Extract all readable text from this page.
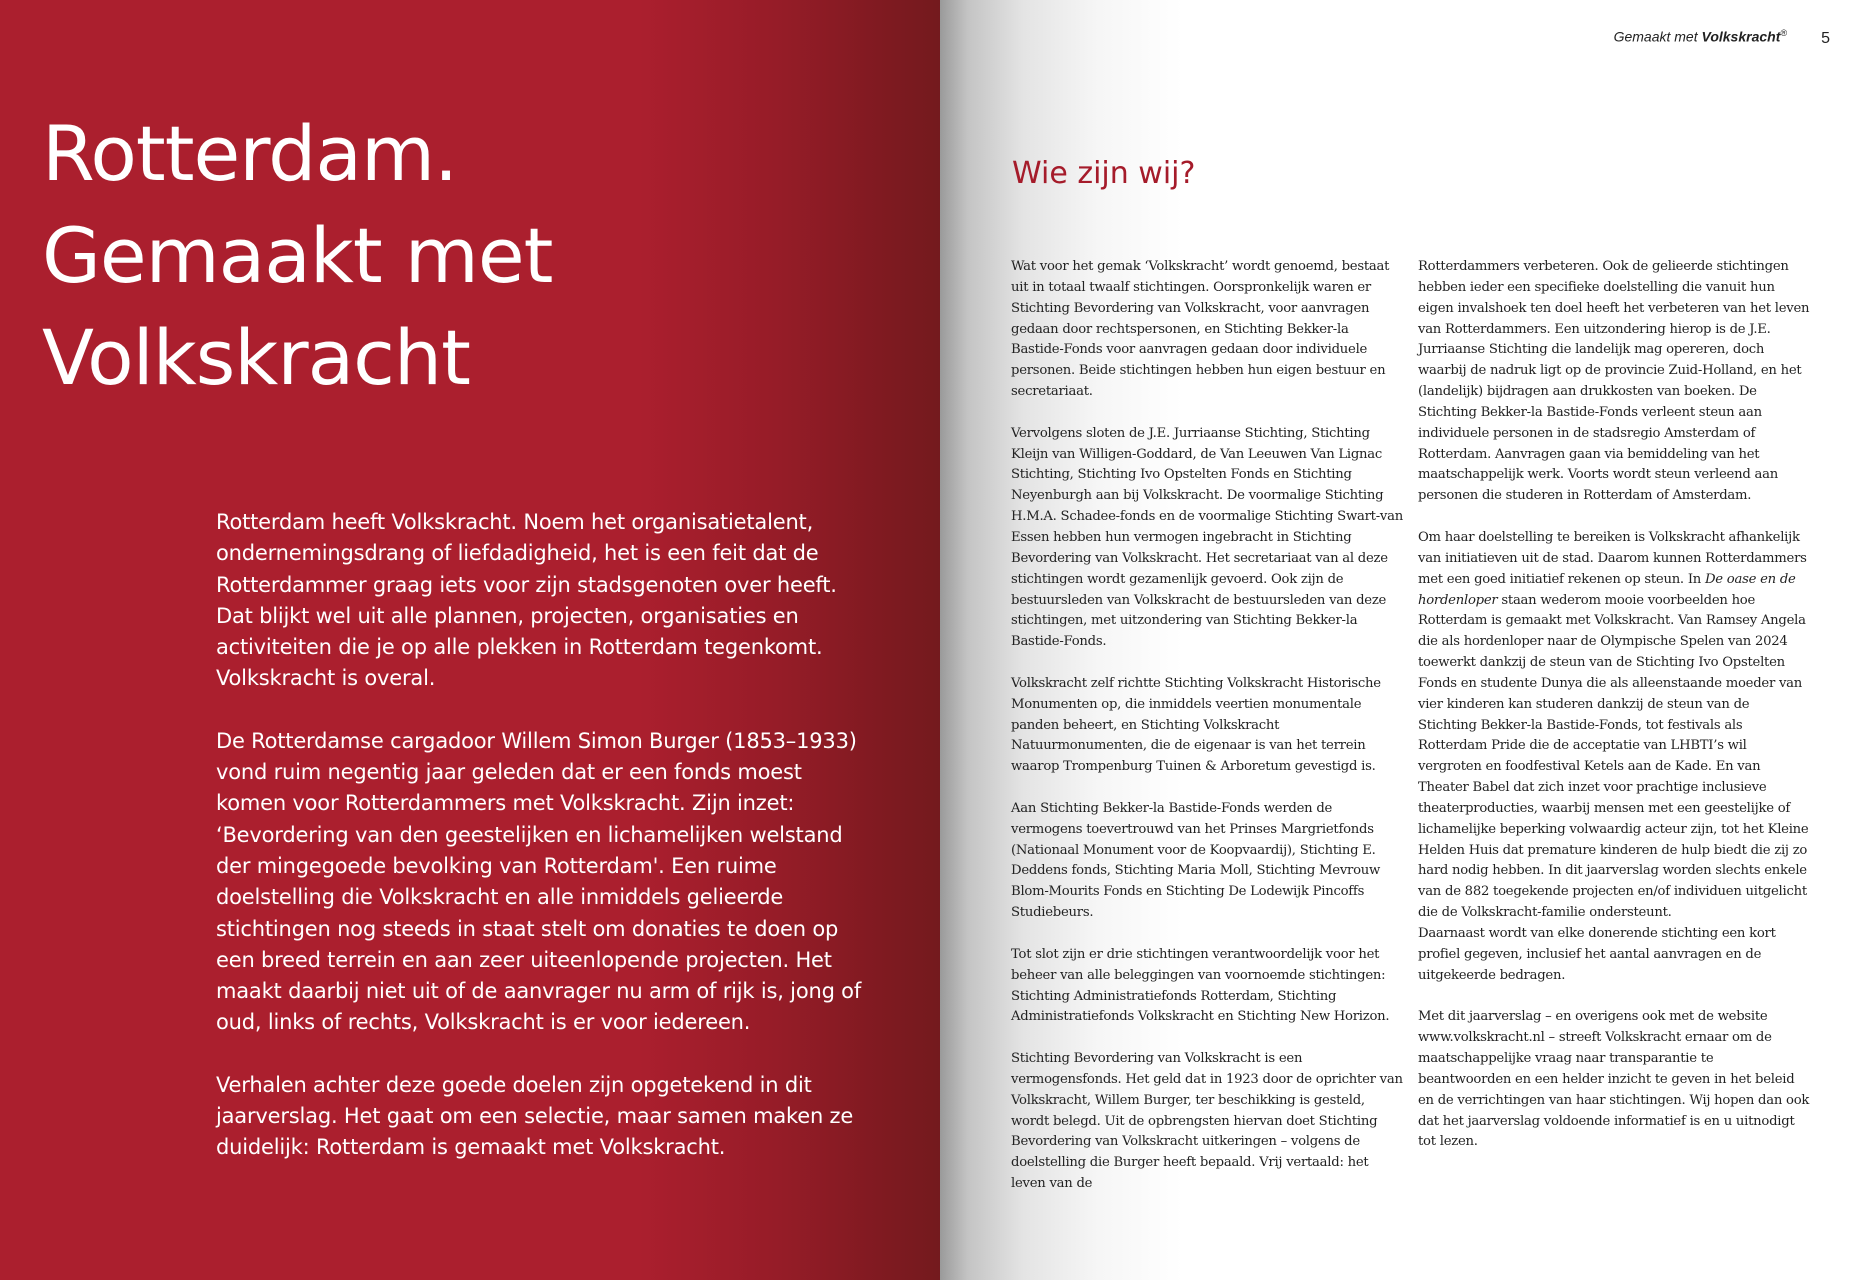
Rotterdam.
Gemaakt met
Volkskracht

Rotterdam heeft Volkskracht. Noem het organisatietalent, ondernemingsdrang of liefdadigheid, het is een feit dat de Rotterdammer graag iets voor zijn stadsgenoten over heeft. Dat blijkt wel uit alle plannen, projecten, organisaties en activiteiten die je op alle plekken in Rotterdam tegenkomt. Volkskracht is overal.

De Rotterdamse cargadoor Willem Simon Burger (1853–1933) vond ruim negentig jaar geleden dat er een fonds moest komen voor Rotterdammers met Volkskracht. Zijn inzet: ‘Bevordering van den geestelijken en lichamelijken welstand der mingegoede bevolking van Rotterdam'. Een ruime doelstelling die Volkskracht en alle inmiddels gelieerde stichtingen nog steeds in staat stelt om donaties te doen op een breed terrein en aan zeer uiteenlopende projecten. Het maakt daarbij niet uit of de aanvrager nu arm of rijk is, jong of oud, links of rechts, Volkskracht is er voor iedereen.

Verhalen achter deze goede doelen zijn opgetekend in dit jaarverslag. Het gaat om een selectie, maar samen maken ze duidelijk: Rotterdam is gemaakt met Volkskracht.

Gemaakt met Volkskracht® 5
Wie zijn wij?

Wat voor het gemak ‘Volkskracht’ wordt genoemd, bestaat uit in totaal twaalf stichtingen. Oorspronkelijk waren er Stichting Bevordering van Volkskracht, voor aanvragen gedaan door rechtspersonen, en Stichting Bekker-la Bastide-Fonds voor aanvragen gedaan door individuele personen. Beide stichtingen hebben hun eigen bestuur en secretariaat.

Vervolgens sloten de J.E. Jurriaanse Stichting, Stichting Kleijn van Willigen-Goddard, de Van Leeuwen Van Lignac Stichting, Stichting Ivo Opstelten Fonds en Stichting Neyenburgh aan bij Volkskracht. De voormalige Stichting H.M.A. Schadee-fonds en de voormalige Stichting Swart-van Essen hebben hun vermogen ingebracht in Stichting Bevordering van Volkskracht. Het secretariaat van al deze stichtingen wordt gezamenlijk gevoerd. Ook zijn de bestuursleden van Volkskracht de bestuursleden van deze stichtingen, met uitzondering van Stichting Bekker-la Bastide-Fonds.

Volkskracht zelf richtte Stichting Volkskracht Historische Monumenten op, die inmiddels veertien monumentale panden beheert, en Stichting Volkskracht Natuurmonumenten, die de eigenaar is van het terrein waarop Trompenburg Tuinen & Arboretum gevestigd is.

Aan Stichting Bekker-la Bastide-Fonds werden de vermogens toevertrouwd van het Prinses Margrietfonds (Nationaal Monument voor de Koopvaardij), Stichting E. Deddens fonds, Stichting Maria Moll, Stichting Mevrouw Blom-Mourits Fonds en Stichting De Lodewijk Pincoffs Studiebeurs.

Tot slot zijn er drie stichtingen verantwoordelijk voor het beheer van alle beleggingen van voornoemde stichtingen: Stichting Administratiefonds Rotterdam, Stichting Administratiefonds Volkskracht en Stichting New Horizon.

Stichting Bevordering van Volkskracht is een vermogensfonds. Het geld dat in 1923 door de oprichter van Volkskracht, Willem Burger, ter beschikking is gesteld, wordt belegd. Uit de opbrengsten hiervan doet Stichting Bevordering van Volkskracht uitkeringen – volgens de doelstelling die Burger heeft bepaald. Vrij vertaald: het leven van de

Rotterdammers verbeteren. Ook de gelieerde stichtingen hebben ieder een specifieke doelstelling die vanuit hun eigen invalshoek ten doel heeft het verbeteren van het leven van Rotterdammers. Een uitzondering hierop is de J.E. Jurriaanse Stichting die landelijk mag opereren, doch waarbij de nadruk ligt op de provincie Zuid-Holland, en het (landelijk) bijdragen aan drukkosten van boeken. De Stichting Bekker-la Bastide-Fonds verleent steun aan individuele personen in de stadsregio Amsterdam of Rotterdam. Aanvragen gaan via bemiddeling van het maatschappelijk werk. Voorts wordt steun verleend aan personen die studeren in Rotterdam of Amsterdam.

Om haar doelstelling te bereiken is Volkskracht afhankelijk van initiatieven uit de stad. Daarom kunnen Rotterdammers met een goed initiatief rekenen op steun. In De oase en de hordenloper staan wederom mooie voorbeelden hoe Rotterdam is gemaakt met Volkskracht. Van Ramsey Angela die als hordenloper naar de Olympische Spelen van 2024 toewerkt dankzij de steun van de Stichting Ivo Opstelten Fonds en studente Dunya die als alleenstaande moeder van vier kinderen kan studeren dankzij de steun van de Stichting Bekker-la Bastide-Fonds, tot festivals als Rotterdam Pride die de acceptatie van LHBTI’s wil vergroten en foodfestival Ketels aan de Kade. En van Theater Babel dat zich inzet voor prachtige inclusieve theaterproducties, waarbij mensen met een geestelijke of lichamelijke beperking volwaardig acteur zijn, tot het Kleine Helden Huis dat premature kinderen de hulp biedt die zij zo hard nodig hebben. In dit jaarverslag worden slechts enkele van de 882 toegekende projecten en/of individuen uitgelicht die de Volkskracht-familie ondersteunt.

Daarnaast wordt van elke donerende stichting een kort profiel gegeven, inclusief het aantal aanvragen en de uitgekeerde bedragen.

Met dit jaarverslag – en overigens ook met de website www.volkskracht.nl – streeft Volkskracht ernaar om de maatschappelijke vraag naar transparantie te beantwoorden en een helder inzicht te geven in het beleid en de verrichtingen van haar stichtingen. Wij hopen dan ook dat het jaarverslag voldoende informatief is en u uitnodigt tot lezen.
